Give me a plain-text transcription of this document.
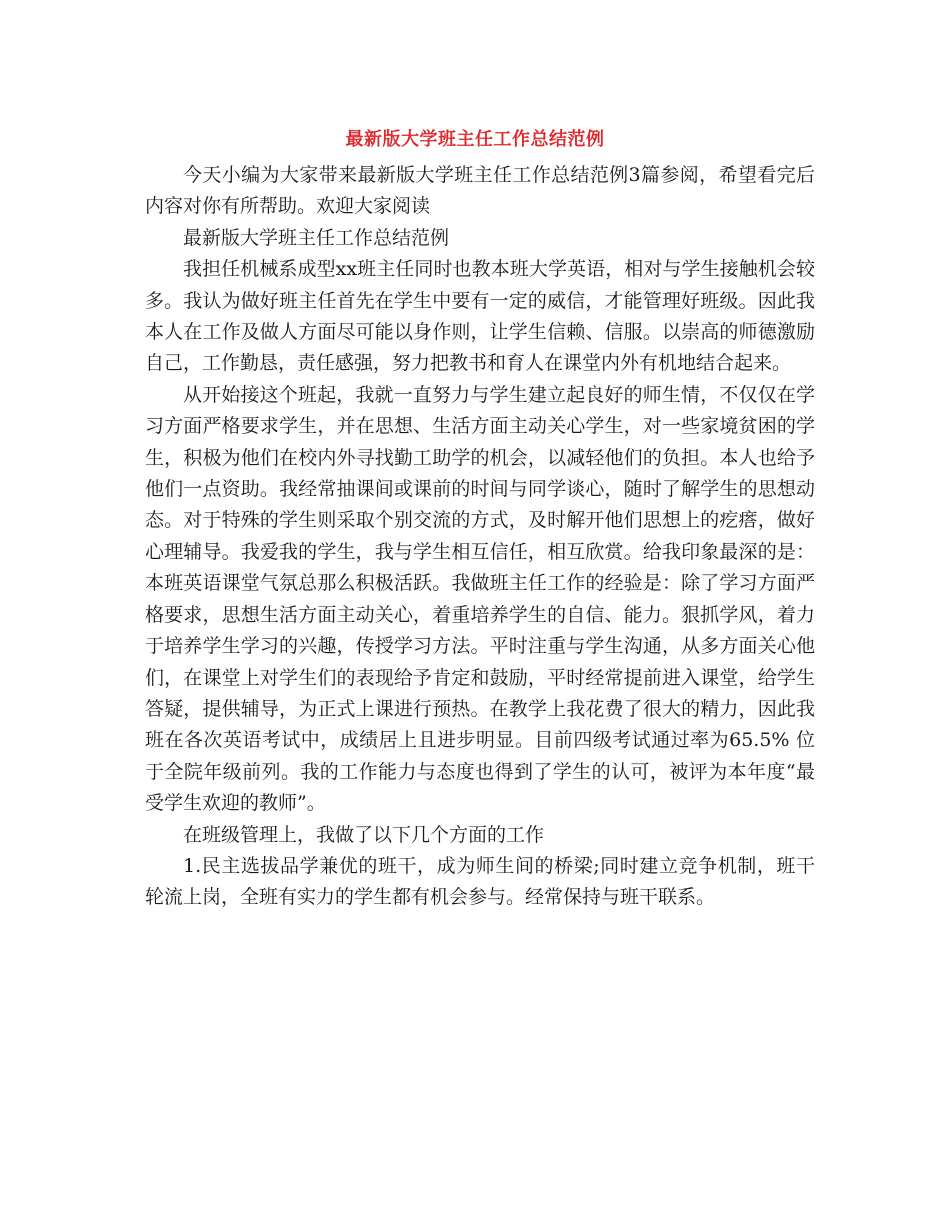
最新版大学班主任工作总结范例

今天小编为大家带来最新版大学班主任工作总结范例3篇参阅，希望看完后内容对你有所帮助。欢迎大家阅读

最新版大学班主任工作总结范例

我担任机械系成型xx班主任同时也教本班大学英语，相对与学生接触机会较多。我认为做好班主任首先在学生中要有一定的威信，才能管理好班级。因此我本人在工作及做人方面尽可能以身作则，让学生信赖、信服。以崇高的师德激励自己，工作勤恳，责任感强，努力把教书和育人在课堂内外有机地结合起来。

从开始接这个班起，我就一直努力与学生建立起良好的师生情，不仅仅在学习方面严格要求学生，并在思想、生活方面主动关心学生，对一些家境贫困的学生，积极为他们在校内外寻找勤工助学的机会，以减轻他们的负担。本人也给予他们一点资助。我经常抽课间或课前的时间与同学谈心，随时了解学生的思想动态。对于特殊的学生则采取个别交流的方式，及时解开他们思想上的疙瘩，做好心理辅导。我爱我的学生，我与学生相互信任，相互欣赏。给我印象最深的是：本班英语课堂气氛总那么积极活跃。我做班主任工作的经验是：除了学习方面严格要求，思想生活方面主动关心，着重培养学生的自信、能力。狠抓学风，着力于培养学生学习的兴趣，传授学习方法。平时注重与学生沟通，从多方面关心他们，在课堂上对学生们的表现给予肯定和鼓励，平时经常提前进入课堂，给学生答疑，提供辅导，为正式上课进行预热。在教学上我花费了很大的精力，因此我班在各次英语考试中，成绩居上且进步明显。目前四级考试通过率为65.5% 位于全院年级前列。我的工作能力与态度也得到了学生的认可，被评为本年度“最受学生欢迎的教师”。

在班级管理上，我做了以下几个方面的工作

1.民主选拔品学兼优的班干，成为师生间的桥梁;同时建立竞争机制，班干轮流上岗，全班有实力的学生都有机会参与。经常保持与班干联系。
